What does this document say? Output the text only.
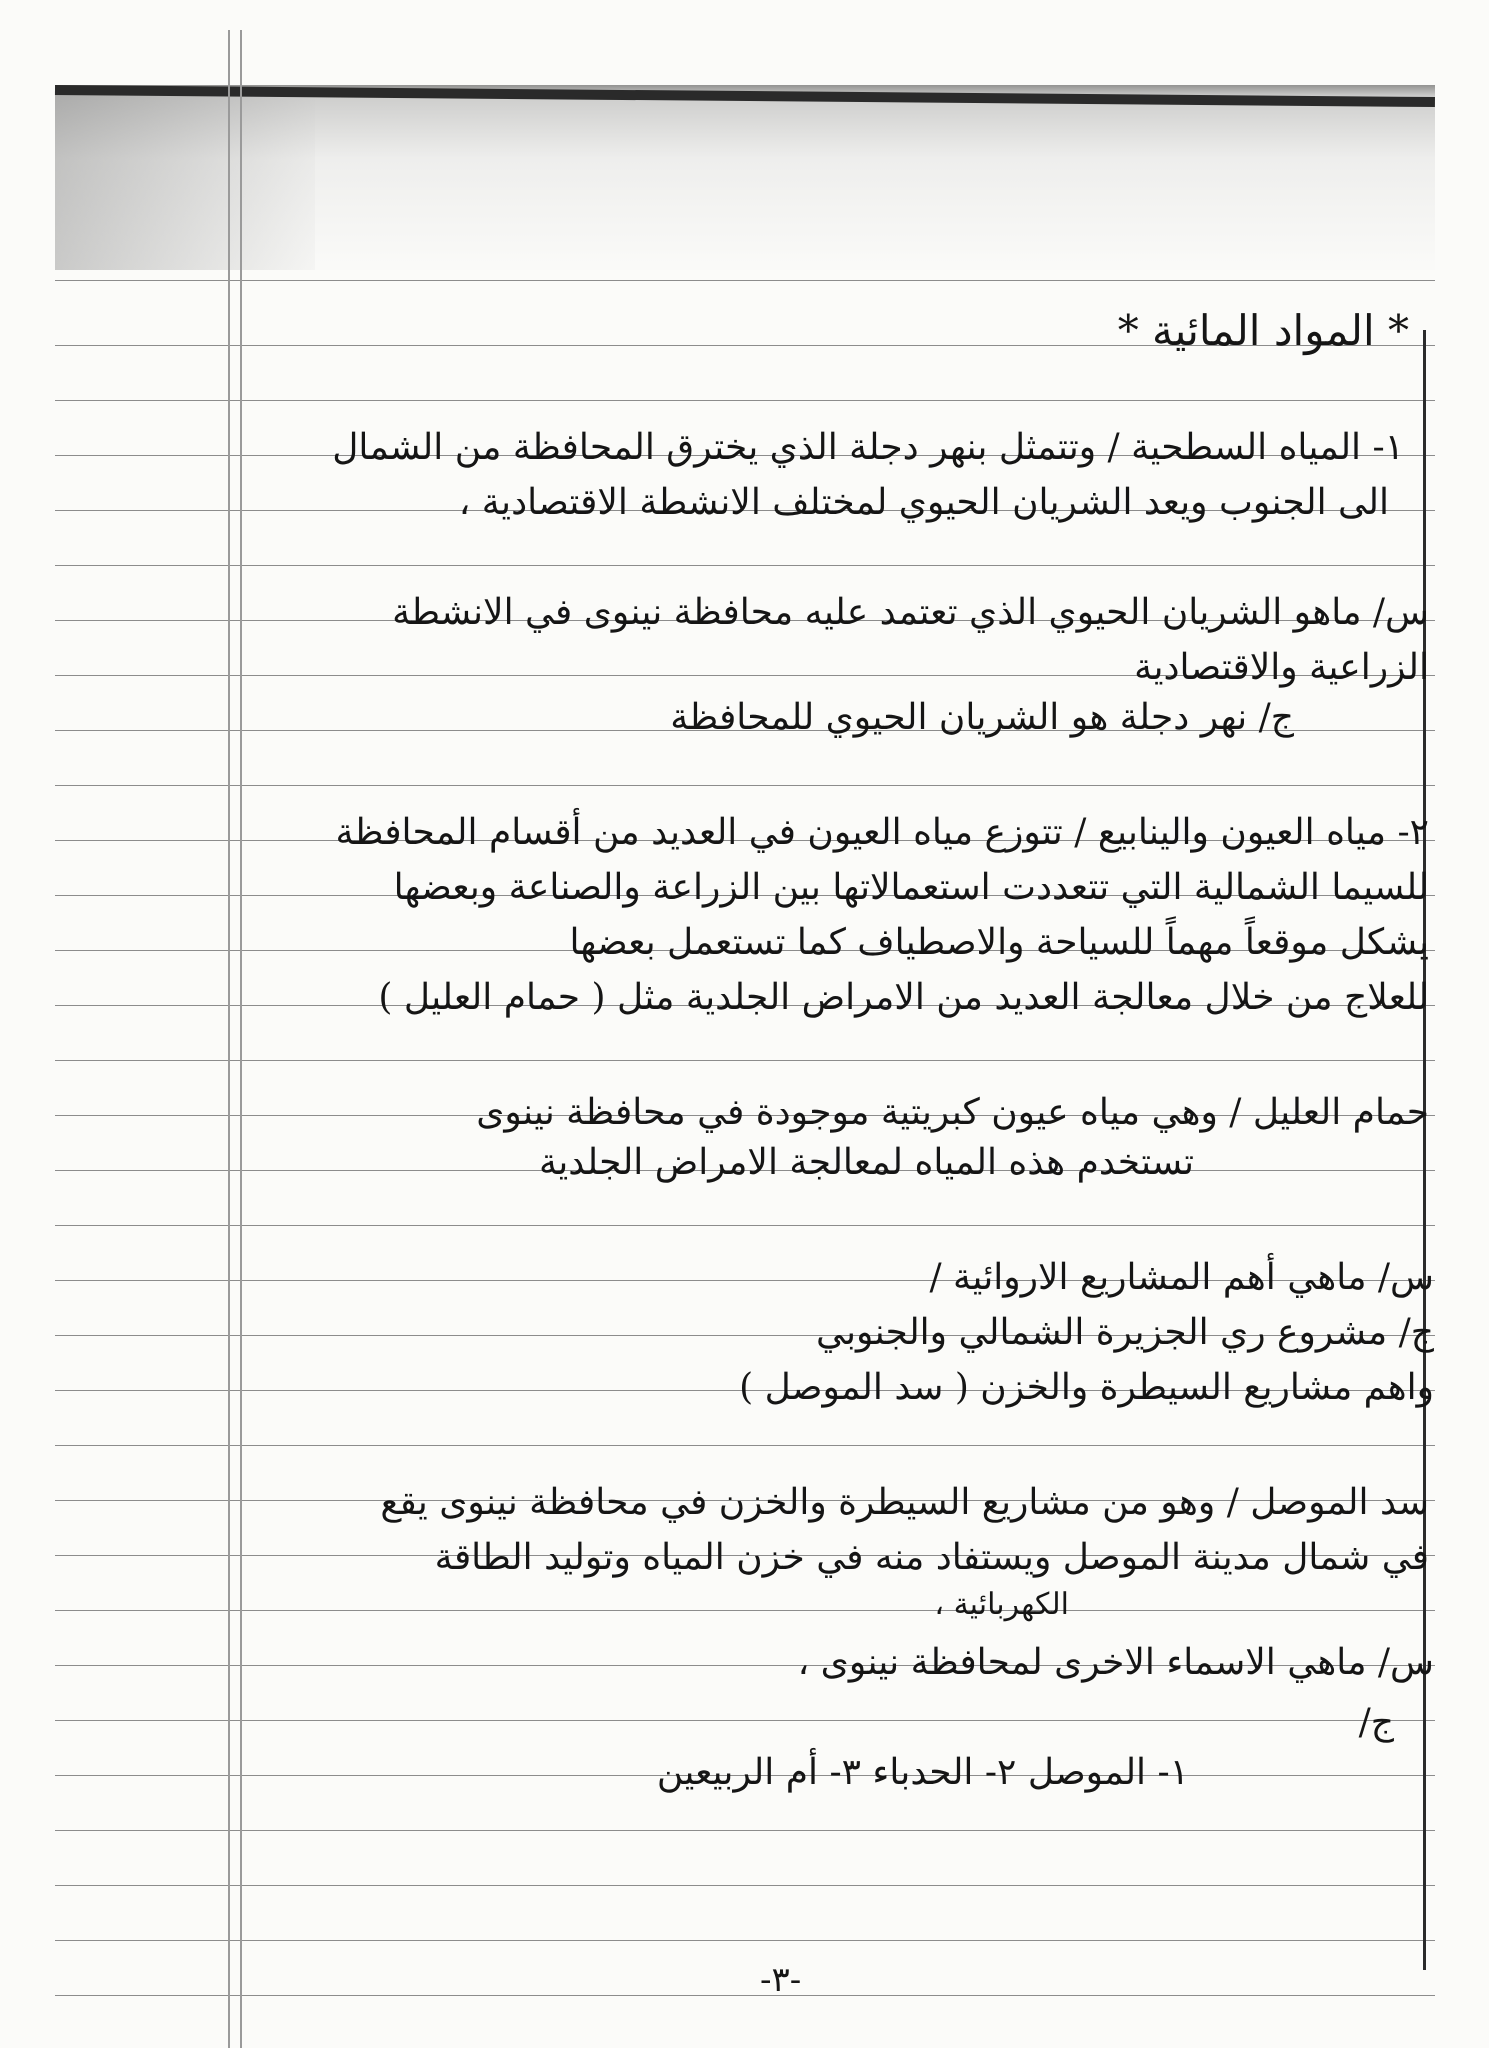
* المواد المائية *
١- المياه السطحية / وتتمثل بنهر دجلة الذي يخترق المحافظة من الشمال
الى الجنوب ويعد الشريان الحيوي لمختلف الانشطة الاقتصادية ،
س/ ماهو الشريان الحيوي الذي تعتمد عليه محافظة نينوى في الانشطة
الزراعية والاقتصادية
ج/ نهر دجلة هو الشريان الحيوي للمحافظة
٢- مياه العيون والينابيع / تتوزع مياه العيون في العديد من أقسام المحافظة
للسيما الشمالية التي تتعددت استعمالاتها بين الزراعة والصناعة وبعضها
يشكل موقعاً مهماً للسياحة والاصطياف كما تستعمل بعضها
للعلاج من خلال معالجة العديد من الامراض الجلدية مثل ( حمام العليل )
حمام العليل / وهي مياه عيون كبريتية موجودة في محافظة نينوى
تستخدم هذه المياه لمعالجة الامراض الجلدية
س/ ماهي أهم المشاريع الاروائية /
ج/ مشروع ري الجزيرة الشمالي والجنوبي
واهم مشاريع السيطرة والخزن ( سد الموصل )
سد الموصل / وهو من مشاريع السيطرة والخزن في محافظة نينوى يقع
في شمال مدينة الموصل ويستفاد منه في خزن المياه وتوليد الطاقة
الكهربائية ،
س/ ماهي الاسماء الاخرى لمحافظة نينوى ،
ج/
١- الموصل ٢- الحدباء ٣- أم الربيعين
-٣-
